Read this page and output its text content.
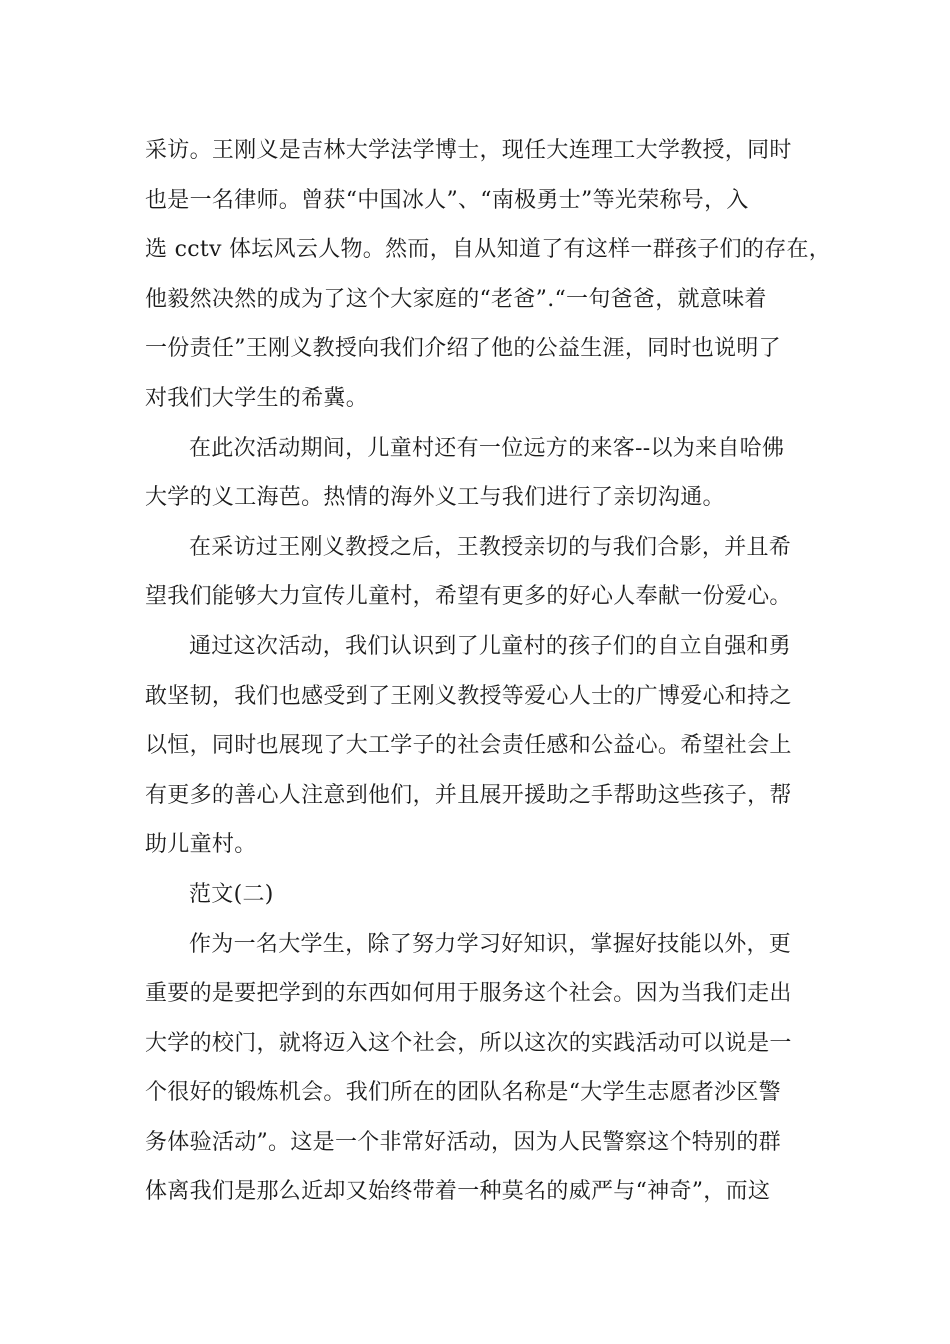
采访。王刚义是吉林大学法学博士，现任大连理工大学教授，同时
也是一名律师。曾获“中国冰人”、“南极勇士”等光荣称号，入
选 cctv 体坛风云人物。然而，自从知道了有这样一群孩子们的存在，
他毅然决然的成为了这个大家庭的“老爸”.“一句爸爸，就意味着
一份责任”王刚义教授向我们介绍了他的公益生涯，同时也说明了
对我们大学生的希冀。
在此次活动期间，儿童村还有一位远方的来客--以为来自哈佛
大学的义工海芭。热情的海外义工与我们进行了亲切沟通。
在采访过王刚义教授之后，王教授亲切的与我们合影，并且希
望我们能够大力宣传儿童村，希望有更多的好心人奉献一份爱心。
通过这次活动，我们认识到了儿童村的孩子们的自立自强和勇
敢坚韧，我们也感受到了王刚义教授等爱心人士的广博爱心和持之
以恒，同时也展现了大工学子的社会责任感和公益心。希望社会上
有更多的善心人注意到他们，并且展开援助之手帮助这些孩子，帮
助儿童村。
范文(二)
作为一名大学生，除了努力学习好知识，掌握好技能以外，更
重要的是要把学到的东西如何用于服务这个社会。因为当我们走出
大学的校门，就将迈入这个社会，所以这次的实践活动可以说是一
个很好的锻炼机会。我们所在的团队名称是“大学生志愿者沙区警
务体验活动”。这是一个非常好活动，因为人民警察这个特别的群
体离我们是那么近却又始终带着一种莫名的威严与“神奇”，而这
